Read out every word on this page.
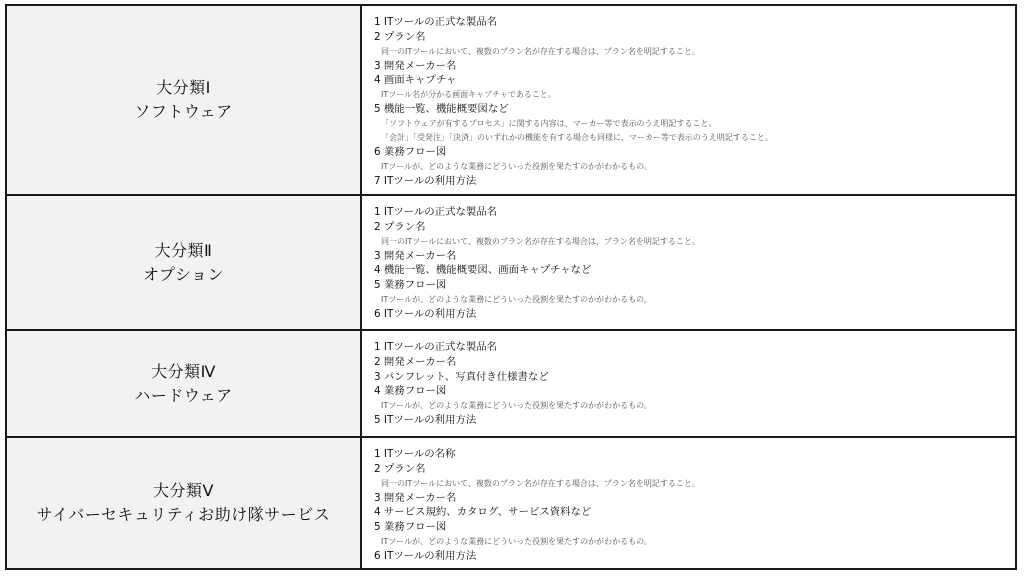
大分類Ⅰ
ソフトウェア
1 ITツールの正式な製品名
2 プラン名
同一のITツールにおいて、複数のプラン名が存在する場合は、プラン名を明記すること。
3 開発メーカー名
4 画面キャプチャ
ITツール名が分かる画面キャプチャであること。
5 機能一覧、機能概要図など
「ソフトウェアが有するプロセス」に関する内容は、マーカー等で表示のうえ明記すること。
「会計」「受発注」「決済」のいずれかの機能を有する場合も同様に、マーカー等で表示のうえ明記すること。
6 業務フロー図
ITツールが、どのような業務にどういった役割を果たすのかがわかるもの。
7 ITツールの利用方法
大分類Ⅱ
オプション
1 ITツールの正式な製品名
2 プラン名
同一のITツールにおいて、複数のプラン名が存在する場合は、プラン名を明記すること。
3 開発メーカー名
4 機能一覧、機能概要図、画面キャプチャなど
5 業務フロー図
ITツールが、どのような業務にどういった役割を果たすのかがわかるもの。
6 ITツールの利用方法
大分類Ⅳ
ハードウェア
1 ITツールの正式な製品名
2 開発メーカー名
3 パンフレット、写真付き仕様書など
4 業務フロー図
ITツールが、どのような業務にどういった役割を果たすのかがわかるもの。
5 ITツールの利用方法
大分類Ⅴ
サイバーセキュリティお助け隊サービス
1 ITツールの名称
2 プラン名
同一のITツールにおいて、複数のプラン名が存在する場合は、プラン名を明記すること。
3 開発メーカー名
4 サービス規約、カタログ、サービス資料など
5 業務フロー図
ITツールが、どのような業務にどういった役割を果たすのかがわかるもの。
6 ITツールの利用方法
